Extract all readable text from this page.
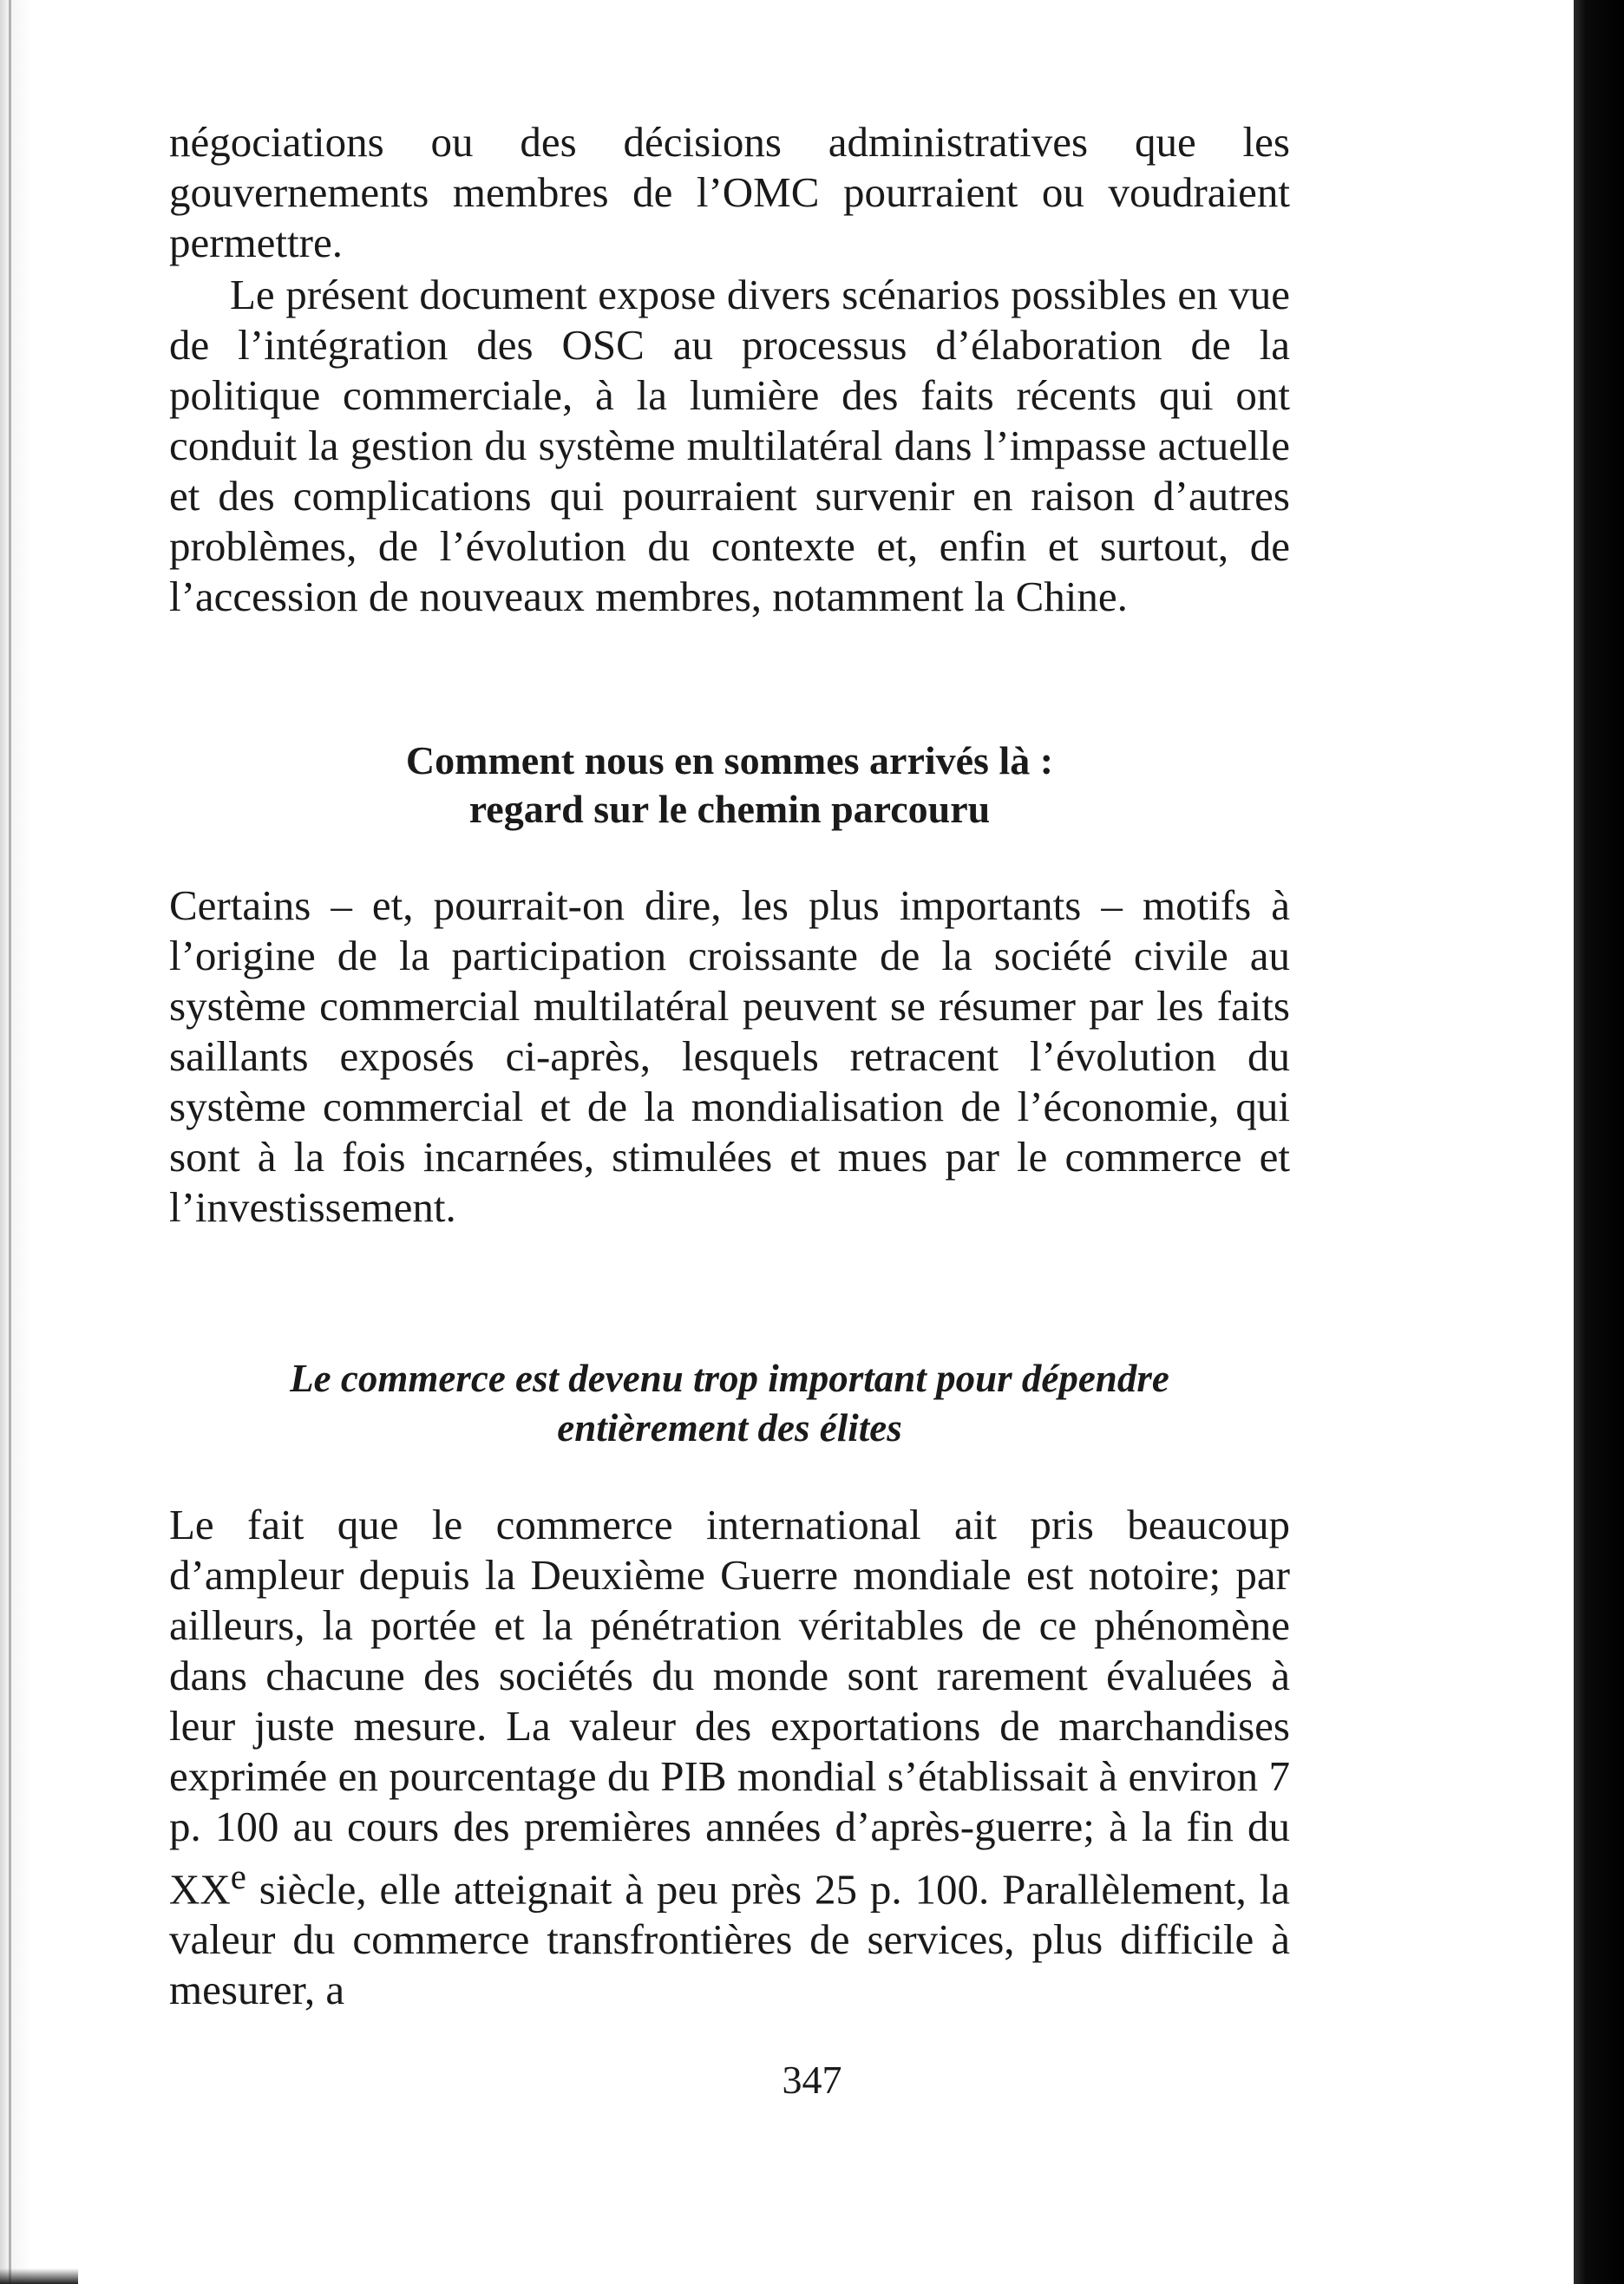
négociations ou des décisions administratives que les gouvernements membres de l’OMC pourraient ou voudraient permettre.

Le présent document expose divers scénarios possibles en vue de l’intégration des OSC au processus d’élaboration de la politique commerciale, à la lumière des faits récents qui ont conduit la gestion du système multilatéral dans l’impasse actuelle et des complications qui pourraient survenir en raison d’autres problèmes, de l’évolution du contexte et, enfin et surtout, de l’accession de nouveaux membres, notamment la Chine.

Comment nous en sommes arrivés là :
regard sur le chemin parcouru

Certains – et, pourrait-on dire, les plus importants – motifs à l’origine de la participation croissante de la société civile au système commercial multilatéral peuvent se résumer par les faits saillants exposés ci-après, lesquels retracent l’évolution du système commercial et de la mondialisation de l’économie, qui sont à la fois incarnées, stimulées et mues par le commerce et l’investissement.

Le commerce est devenu trop important pour dépendre
entièrement des élites

Le fait que le commerce international ait pris beaucoup d’ampleur depuis la Deuxième Guerre mondiale est notoire; par ailleurs, la portée et la pénétration véritables de ce phénomène dans chacune des sociétés du monde sont rarement évaluées à leur juste mesure. La valeur des exportations de marchandises exprimée en pourcentage du PIB mondial s’établissait à environ 7 p. 100 au cours des premières années d’après-guerre; à la fin du XXe siècle, elle atteignait à peu près 25 p. 100. Parallèlement, la valeur du commerce transfrontières de services, plus difficile à mesurer, a

347
